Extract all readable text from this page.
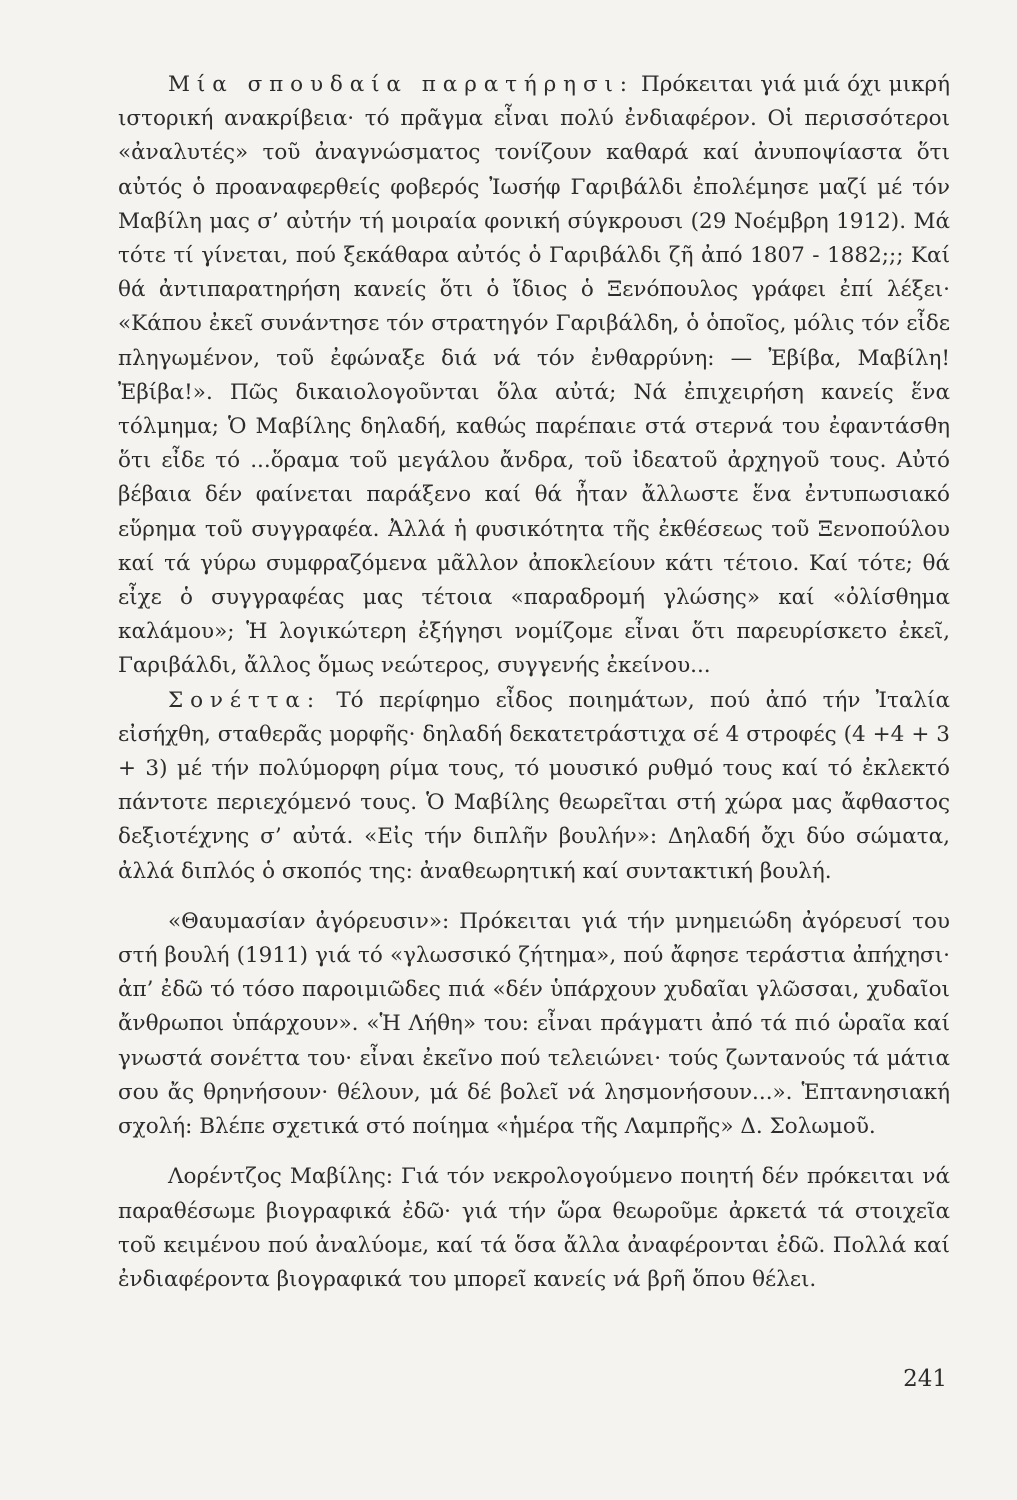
Μία σπουδαία παρατήρησι: Πρόκειται γιά μιά όχι μικρή ιστορική ανακρίβεια· τό πρᾶγμα εἶναι πολύ ἐνδιαφέρον. Οἱ περισσότεροι «ἀναλυτές» τοῦ ἀναγνώσματος τονίζουν καθαρά καί ἀνυποψίαστα ὅτι αὐτός ὁ προαναφερθείς φοβερός Ἰωσήφ Γαριβάλδι ἐπολέμησε μαζί μέ τόν Μαβίλη μας σ’ αὐτήν τή μοιραία φονική σύγκρουσι (29 Νοέμβρη 1912). Μά τότε τί γίνεται, πού ξεκάθαρα αὐτός ὁ Γαριβάλδι ζῆ ἀπό 1807 - 1882;;; Καί θά ἀντιπαρατηρήση κανείς ὅτι ὁ ἴδιος ὁ Ξενόπουλος γράφει ἐπί λέξει· «Κάπου ἐκεῖ συνάντησε τόν στρατηγόν Γαριβάλδη, ὁ ὁποῖος, μόλις τόν εἶδε πληγωμένον, τοῦ ἐφώναξε διά νά τόν ἐνθαρρύνη: — Ἐβίβα, Μαβίλη! Ἐβίβα!». Πῶς δικαιολογοῦνται ὅλα αὐτά; Νά ἐπιχειρήση κανείς ἕνα τόλμημα; Ὁ Μαβίλης δηλαδή, καθώς παρέπαιε στά στερνά του ἐφαντάσθη ὅτι εἶδε τό ...ὅραμα τοῦ μεγάλου ἄνδρα, τοῦ ἰδεατοῦ ἀρχηγοῦ τους. Αὐτό βέβαια δέν φαίνεται παράξενο καί θά ἦταν ἄλλωστε ἕνα ἐντυπωσιακό εὕρημα τοῦ συγγραφέα. Ἀλλά ἡ φυσικότητα τῆς ἐκθέσεως τοῦ Ξενοπούλου καί τά γύρω συμφραζόμενα μᾶλλον ἀποκλείουν κάτι τέτοιο. Καί τότε; θά εἶχε ὁ συγγραφέας μας τέτοια «παραδρομή γλώσης» καί «ὀλίσθημα καλάμου»; Ἡ λογικώτερη ἐξήγησι νομίζομε εἶναι ὅτι παρευρίσκετο ἐκεῖ, Γαριβάλδι, ἄλλος ὅμως νεώτερος, συγγενής ἐκείνου...

Σονέττα: Τό περίφημο εἶδος ποιημάτων, πού ἀπό τήν Ἰταλία εἰσήχθη, σταθερᾶς μορφῆς· δηλαδή δεκατετράστιχα σέ 4 στροφές (4 +4 + 3 + 3) μέ τήν πολύμορφη ρίμα τους, τό μουσικό ρυθμό τους καί τό ἐκλεκτό πάντοτε περιεχόμενό τους. Ὁ Μαβίλης θεωρεῖται στή χώρα μας ἄφθαστος δεξιοτέχνης σ’ αὐτά. «Εἰς τήν διπλῆν βουλήν»: Δηλαδή ὄχι δύο σώματα, ἀλλά διπλός ὁ σκοπός της: ἀναθεωρητική καί συντακτική βουλή.

«Θαυμασίαν ἀγόρευσιν»: Πρόκειται γιά τήν μνημειώδη ἀγόρευσί του στή βουλή (1911) γιά τό «γλωσσικό ζήτημα», πού ἄφησε τεράστια ἀπήχησι· ἀπ’ ἐδῶ τό τόσο παροιμιῶδες πιά «δέν ὑπάρχουν χυδαῖαι γλῶσσαι, χυδαῖοι ἄνθρωποι ὑπάρχουν». «Ἡ Λήθη» του: εἶναι πράγματι ἀπό τά πιό ὡραῖα καί γνωστά σονέττα του· εἶναι ἐκεῖνο πού τελειώνει· τούς ζωντανούς τά μάτια σου ἄς θρηνήσουν· θέλουν, μά δέ βολεῖ νά λησμονήσουν...». Ἑπτανησιακή σχολή: Βλέπε σχετικά στό ποίημα «ἡμέρα τῆς Λαμπρῆς» Δ. Σολωμοῦ.

Λορέντζος Μαβίλης: Γιά τόν νεκρολογούμενο ποιητή δέν πρόκειται νά παραθέσωμε βιογραφικά ἐδῶ· γιά τήν ὥρα θεωροῦμε ἀρκετά τά στοιχεῖα τοῦ κειμένου πού ἀναλύομε, καί τά ὅσα ἄλλα ἀναφέρονται ἐδῶ. Πολλά καί ἐνδιαφέροντα βιογραφικά του μπορεῖ κανείς νά βρῆ ὅπου θέλει.

241
